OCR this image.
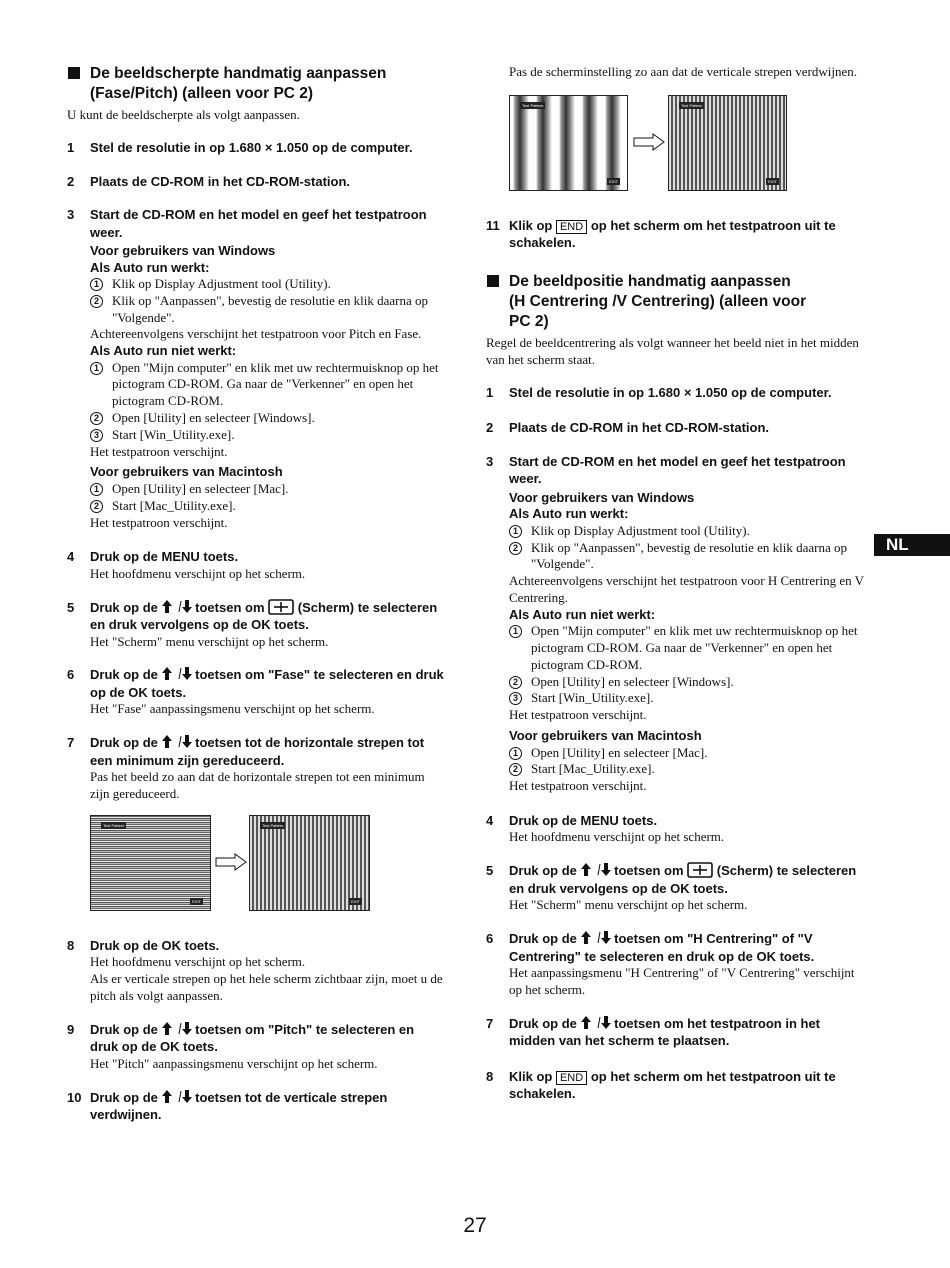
De beeldscherpte handmatig aanpassen
(Fase/Pitch) (alleen voor PC 2)

U kunt de beeldscherpte als volgt aanpassen.

1 Stel de resolutie in op 1.680 × 1.050 op de computer.
2 Plaats de CD-ROM in het CD-ROM-station.
3 Start de CD-ROM en het model en geef het testpatroon weer.
Voor gebruikers van Windows
Als Auto run werkt:
1	Klik op Display Adjustment tool (Utility).
2	Klik op "Aanpassen", bevestig de resolutie en klik daarna op "Volgende".
Achtereenvolgens verschijnt het testpatroon voor Pitch en Fase.
Als Auto run niet werkt:
1	Open "Mijn computer" en klik met uw rechtermuisknop op het pictogram CD-ROM. Ga naar de "Verkenner" en open het pictogram CD-ROM.
2	Open [Utility] en selecteer [Windows].
3	Start [Win_Utility.exe].
Het testpatroon verschijnt.
Voor gebruikers van Macintosh
1	Open [Utility] en selecteer [Mac].
2	Start [Mac_Utility.exe].
Het testpatroon verschijnt.
4 Druk op de MENU toets.
Het hoofdmenu verschijnt op het scherm.
5 Druk op de	toetsen om	(Scherm) te selecteren en druk vervolgens op de OK toets.
Het "Scherm" menu verschijnt op het scherm.
6 Druk op de	toetsen om "Fase" te selecteren en druk op de OK toets.
Het "Fase" aanpassingsmenu verschijnt op het scherm.
7 Druk op de	toetsen tot de horizontale strepen tot een minimum zijn gereduceerd.
Pas het beeld zo aan dat de horizontale strepen tot een minimum zijn gereduceerd.
Test Pattern
EXIT
Test Pattern
EXIT
8 Druk op de OK toets.
Het hoofdmenu verschijnt op het scherm.
Als er verticale strepen op het hele scherm zichtbaar zijn, moet u de pitch als volgt aanpassen.
9 Druk op de	toetsen om "Pitch" te selecteren en druk op de OK toets.
Het "Pitch" aanpassingsmenu verschijnt op het scherm.
10 Druk op de	toetsen tot de verticale strepen verdwijnen.
Pas de scherminstelling zo aan dat de verticale strepen verdwijnen.
Test Pattern
EXIT
Test Pattern
EXIT
11 Klik op END op het scherm om het testpatroon uit te schakelen.
De beeldpositie handmatig aanpassen
(H Centrering /V Centrering) (alleen voor
PC 2)

Regel de beeldcentrering als volgt wanneer het beeld niet in het midden van het scherm staat.

1 Stel de resolutie in op 1.680 × 1.050 op de computer.
2 Plaats de CD-ROM in het CD-ROM-station.
3 Start de CD-ROM en het model en geef het testpatroon weer.
Voor gebruikers van Windows
Als Auto run werkt:
1	Klik op Display Adjustment tool (Utility).
2	Klik op "Aanpassen", bevestig de resolutie en klik daarna op "Volgende".
Achtereenvolgens verschijnt het testpatroon voor H Centrering en V Centrering.
Als Auto run niet werkt:
1	Open "Mijn computer" en klik met uw rechtermuisknop op het pictogram CD-ROM. Ga naar de "Verkenner" en open het pictogram CD-ROM.
2	Open [Utility] en selecteer [Windows].
3	Start [Win_Utility.exe].
Het testpatroon verschijnt.
Voor gebruikers van Macintosh
1	Open [Utility] en selecteer [Mac].
2	Start [Mac_Utility.exe].
Het testpatroon verschijnt.
4 Druk op de MENU toets.
Het hoofdmenu verschijnt op het scherm.
5 Druk op de	toetsen om	(Scherm) te selecteren en druk vervolgens op de OK toets.
Het "Scherm" menu verschijnt op het scherm.
6 Druk op de	toetsen om "H Centrering" of "V Centrering" te selecteren en druk op de OK toets.
Het aanpassingsmenu "H Centrering" of "V Centrering" verschijnt op het scherm.
7 Druk op de	toetsen om het testpatroon in het midden van het scherm te plaatsen.
8 Klik op END op het scherm om het testpatroon uit te schakelen.
NL
27
